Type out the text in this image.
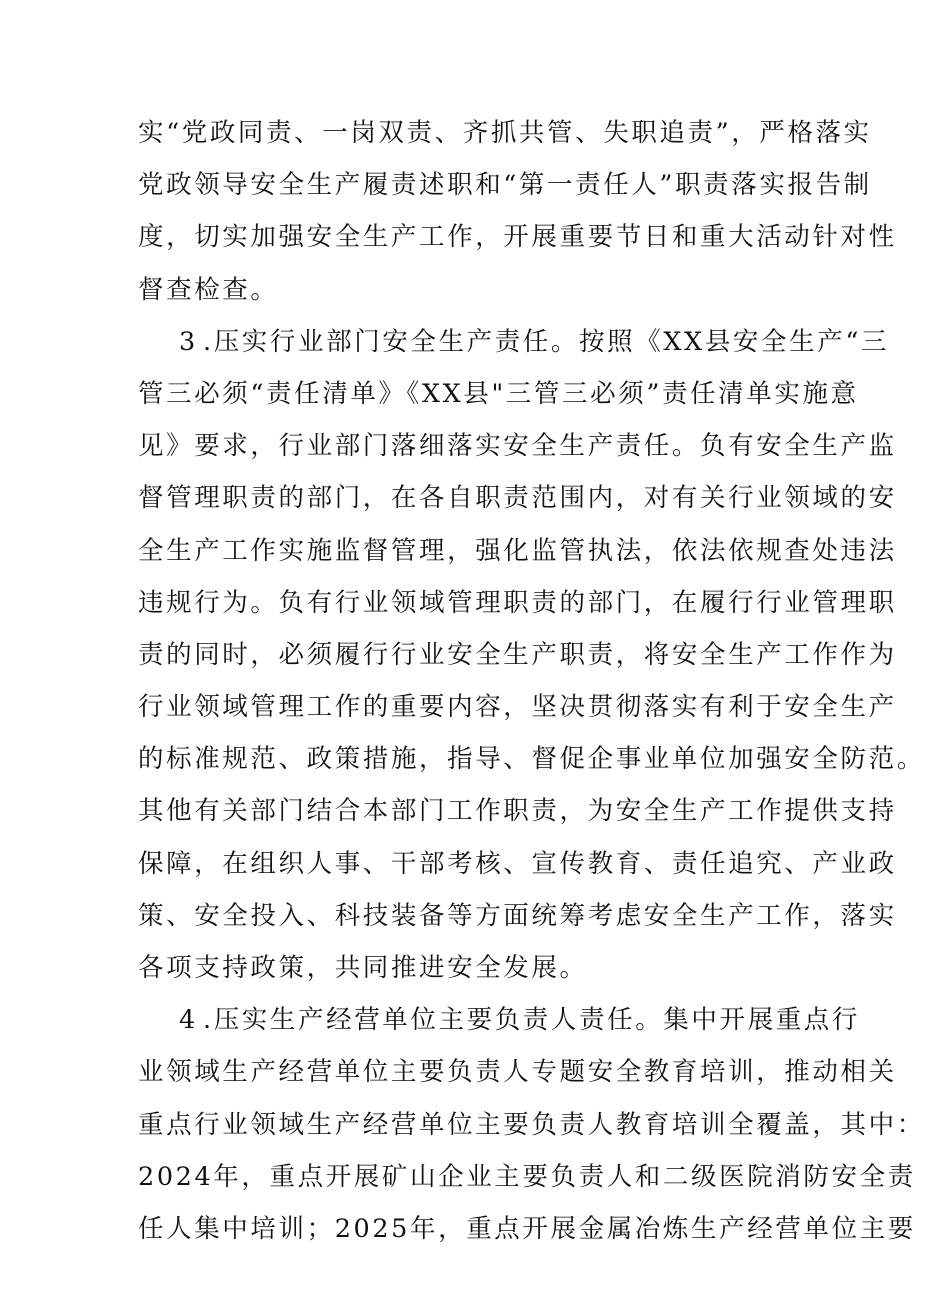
实“党政同责、一岗双责、齐抓共管、失职追责”，严格落实
党政领导安全生产履责述职和“第一责任人”职责落实报告制
度，切实加强安全生产工作，开展重要节日和重大活动针对性
督查检查。
3 .压实行业部门安全生产责任。按照《XX县安全生产“三
管三必须“责任清单》《XX县"三管三必须”责任清单实施意
见》要求，行业部门落细落实安全生产责任。负有安全生产监
督管理职责的部门，在各自职责范围内，对有关行业领域的安
全生产工作实施监督管理，强化监管执法，依法依规查处违法
违规行为。负有行业领域管理职责的部门，在履行行业管理职
责的同时，必须履行行业安全生产职责，将安全生产工作作为
行业领域管理工作的重要内容，坚决贯彻落实有利于安全生产
的标准规范、政策措施，指导、督促企事业单位加强安全防范。
其他有关部门结合本部门工作职责，为安全生产工作提供支持
保障，在组织人事、干部考核、宣传教育、责任追究、产业政
策、安全投入、科技装备等方面统筹考虑安全生产工作，落实
各项支持政策，共同推进安全发展。
4 .压实生产经营单位主要负责人责任。集中开展重点行
业领域生产经营单位主要负责人专题安全教育培训，推动相关
重点行业领域生产经营单位主要负责人教育培训全覆盖，其中：
2024年，重点开展矿山企业主要负责人和二级医院消防安全责
任人集中培训；2025年，重点开展金属冶炼生产经营单位主要
